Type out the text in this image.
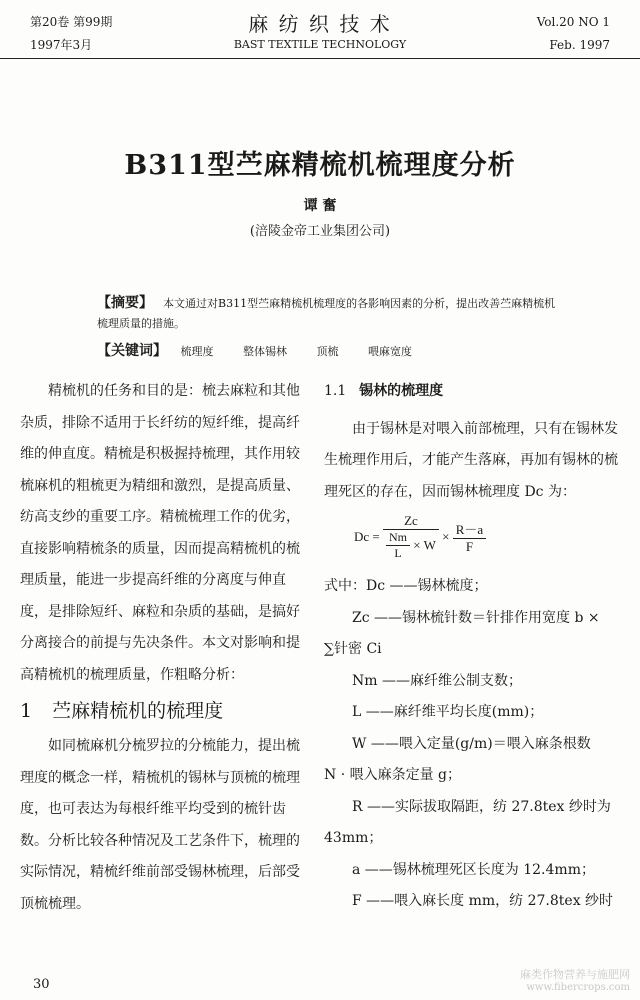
第20卷 第99期
1997年3月
麻 纺 织 技 术
BAST TEXTILE TECHNOLOGY
Vol.20 NO 1
Feb. 1997
B311型苎麻精梳机梳理度分析
谭 奮
(涪陵金帝工业集团公司)
【摘要】 本文通过对B311型苎麻精梳机梳理度的各影响因素的分析，提出改善苎麻精梳机梳理质量的措施。
【关键词】 梳理度	整体锡林	顶梳	喂麻宽度

精梳机的任务和目的是：梳去麻粒和其他杂质，排除不适用于长纤纺的短纤维，提高纤维的伸直度。精梳是积极握持梳理，其作用较梳麻机的粗梳更为精细和激烈，是提高质量、纺高支纱的重要工序。精梳梳理工作的优劣，直接影响精梳条的质量，因而提高精梳机的梳理质量，能进一步提高纤维的分离度与伸直度，是排除短纤、麻粒和杂质的基础，是搞好分离接合的前提与先决条件。本文对影响和提高精梳机的梳理质量，作粗略分析：

1 苎麻精梳机的梳理度

如同梳麻机分梳罗拉的分梳能力，提出梳理度的概念一样，精梳机的锡林与顶梳的梳理度，也可表达为每根纤维平均受到的梳针齿数。分析比较各种情况及工艺条件下，梳理的实际情况，精梳纤维前部受锡林梳理，后部受顶梳梳理。

1.1 锡林的梳理度

由于锡林是对喂入前部梳理，只有在锡林发生梳理作用后，才能产生落麻，再加有锡林的梳理死区的存在，因而锡林梳理度 Dc 为：

$Dc = \frac{Zc}{\frac{Nm}{L} \times W} \times \frac{R-a}{F}$

式中：Dc ——锡林梳度；

Zc ——锡林梳针数＝针排作用宽度 b ×

∑针密 Ci

Nm ——麻纤维公制支数；

L ——麻纤维平均长度(mm)；

W ——喂入定量(g/m)＝喂入麻条根数

N · 喂入麻条定量 g；

R ——实际拔取隔距，纺 27.8tex 纱时为

43mm；

a ——锡林梳理死区长度为 12.4mm；

F ——喂入麻长度 mm，纺 27.8tex 纱时

30
麻类作物营养与施肥网
www.fibercrops.com
